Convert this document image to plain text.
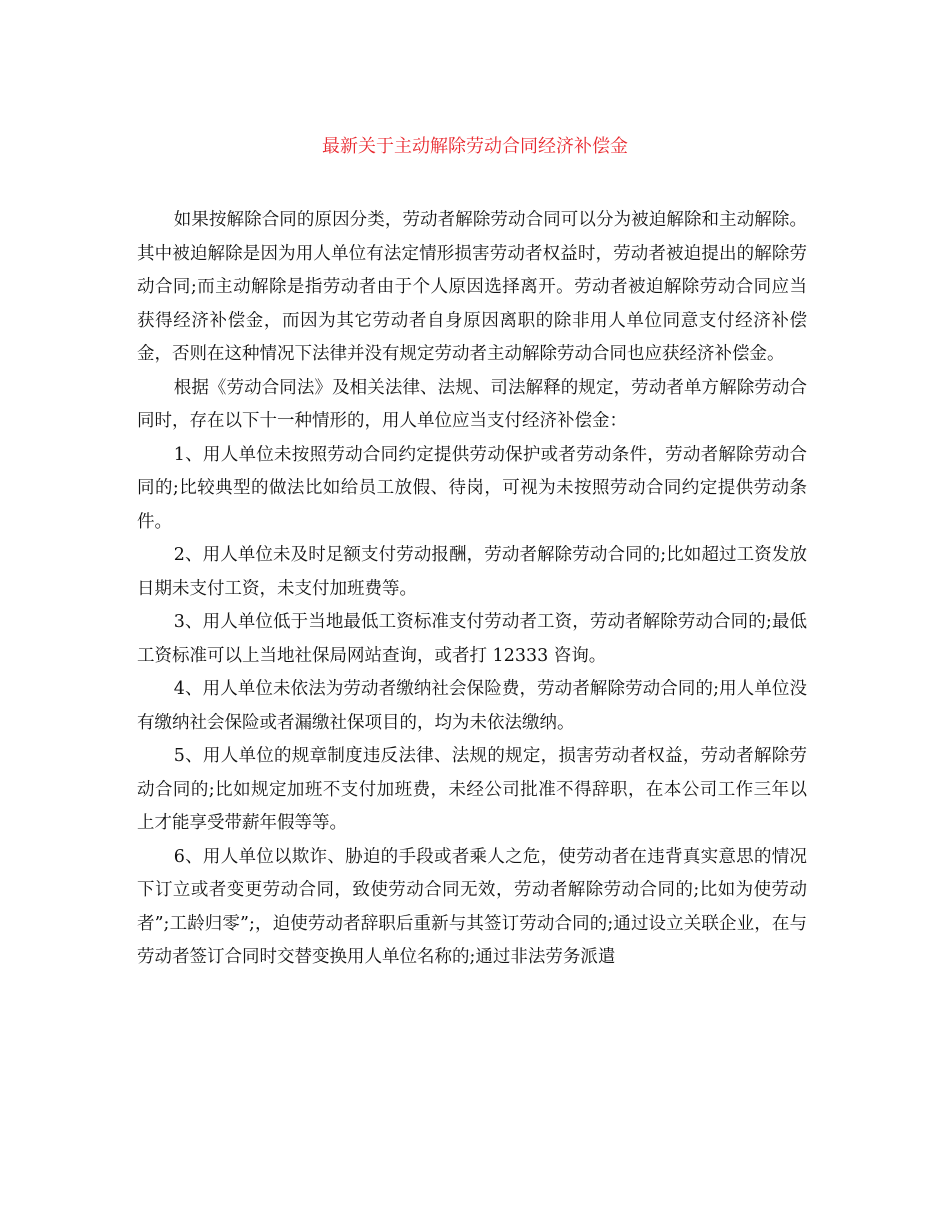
最新关于主动解除劳动合同经济补偿金

如果按解除合同的原因分类，劳动者解除劳动合同可以分为被迫解除和主动解除。其中被迫解除是因为用人单位有法定情形损害劳动者权益时，劳动者被迫提出的解除劳动合同;而主动解除是指劳动者由于个人原因选择离开。劳动者被迫解除劳动合同应当获得经济补偿金，而因为其它劳动者自身原因离职的除非用人单位同意支付经济补偿金，否则在这种情况下法律并没有规定劳动者主动解除劳动合同也应获经济补偿金。

根据《劳动合同法》及相关法律、法规、司法解释的规定，劳动者单方解除劳动合同时，存在以下十一种情形的，用人单位应当支付经济补偿金：

1、用人单位未按照劳动合同约定提供劳动保护或者劳动条件，劳动者解除劳动合同的;比较典型的做法比如给员工放假、待岗，可视为未按照劳动合同约定提供劳动条件。

2、用人单位未及时足额支付劳动报酬，劳动者解除劳动合同的;比如超过工资发放日期未支付工资，未支付加班费等。

3、用人单位低于当地最低工资标准支付劳动者工资，劳动者解除劳动合同的;最低工资标准可以上当地社保局网站查询，或者打 12333 咨询。

4、用人单位未依法为劳动者缴纳社会保险费，劳动者解除劳动合同的;用人单位没有缴纳社会保险或者漏缴社保项目的，均为未依法缴纳。

5、用人单位的规章制度违反法律、法规的规定，损害劳动者权益，劳动者解除劳动合同的;比如规定加班不支付加班费，未经公司批准不得辞职，在本公司工作三年以上才能享受带薪年假等等。

6、用人单位以欺诈、胁迫的手段或者乘人之危，使劳动者在违背真实意思的情况下订立或者变更劳动合同，致使劳动合同无效，劳动者解除劳动合同的;比如为使劳动者”;工龄归零”;，迫使劳动者辞职后重新与其签订劳动合同的;通过设立关联企业，在与劳动者签订合同时交替变换用人单位名称的;通过非法劳务派遣
